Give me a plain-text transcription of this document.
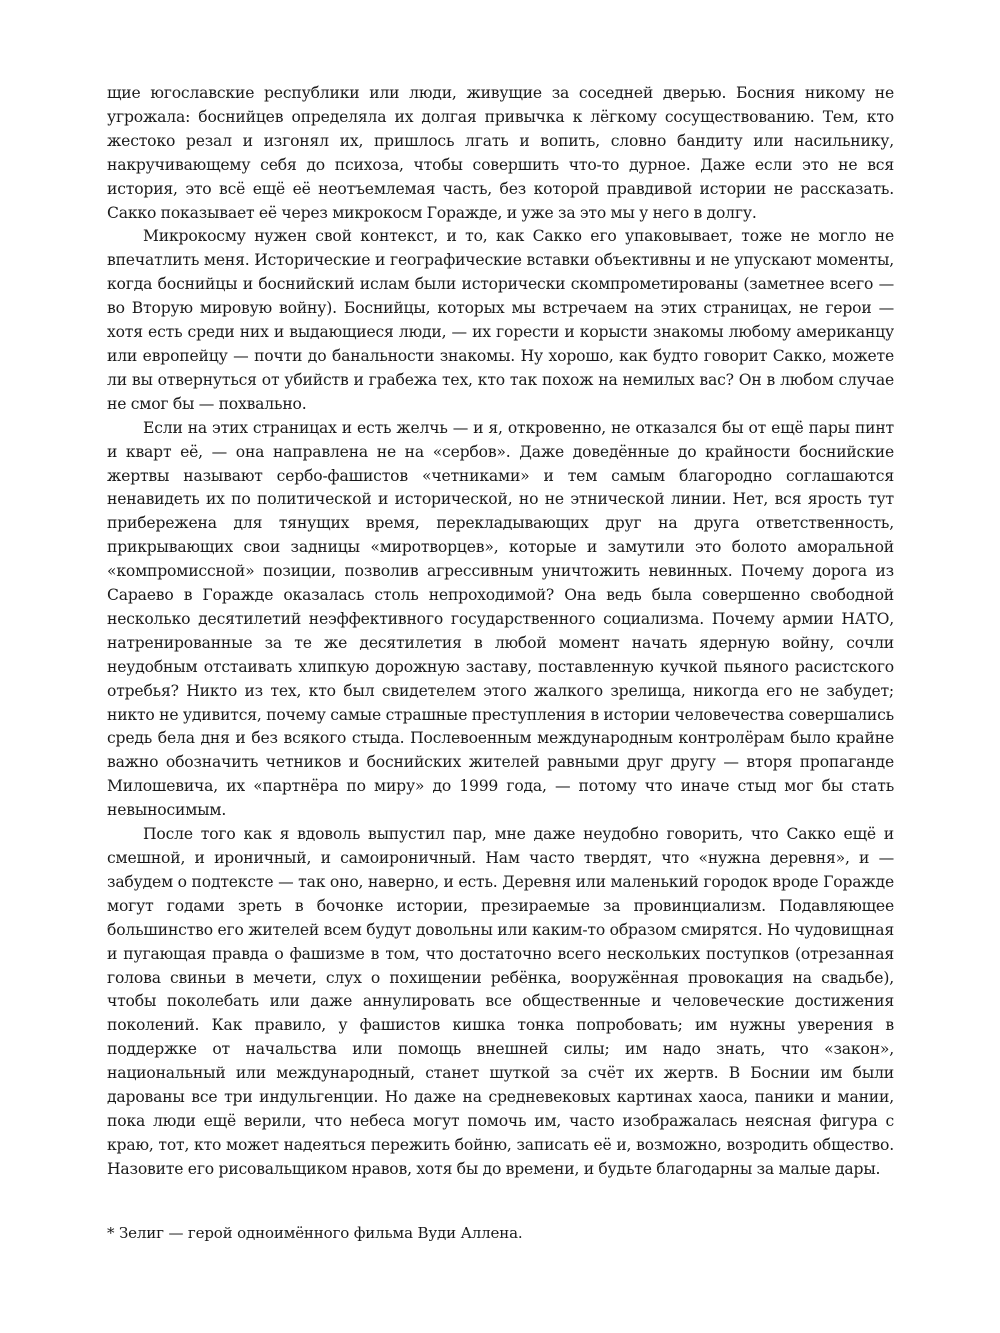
щие югославские республики или люди, живущие за соседней дверью. Босния никому не угрожала: боснийцев определяла их долгая привычка к лёгкому сосуществованию. Тем, кто жестоко резал и изгонял их, пришлось лгать и вопить, словно бандиту или насильнику, накручивающему себя до психоза, чтобы совершить что-то дурное. Даже если это не вся история, это всё ещё её неотъемлемая часть, без которой правдивой истории не рассказать. Сакко показывает её через микрокосм Горажде, и уже за это мы у него в долгу.

Микрокосму нужен свой контекст, и то, как Сакко его упаковывает, тоже не могло не впечатлить меня. Исторические и географические вставки объективны и не упускают моменты, когда боснийцы и боснийский ислам были исторически скомпрометированы (заметнее всего — во Вторую мировую войну). Боснийцы, которых мы встречаем на этих страницах, не герои — хотя есть среди них и выдающиеся люди, — их горести и корысти знакомы любому американцу или европейцу — почти до банальности знакомы. Ну хорошо, как будто говорит Сакко, можете ли вы отвернуться от убийств и грабежа тех, кто так похож на немилых вас? Он в любом случае не смог бы — похвально.

Если на этих страницах и есть желчь — и я, откровенно, не отказался бы от ещё пары пинт и кварт её, — она направлена не на «сербов». Даже доведённые до крайности боснийские жертвы называют сербо-фашистов «четниками» и тем самым благородно соглашаются ненавидеть их по политической и исторической, но не этнической линии. Нет, вся ярость тут прибережена для тянущих время, перекладывающих друг на друга ответственность, прикрывающих свои задницы «миротворцев», которые и замутили это болото аморальной «компромиссной» позиции, позволив агрессивным уничтожить невинных. Почему дорога из Сараево в Горажде оказалась столь непроходимой? Она ведь была совершенно свободной несколько десятилетий неэффективного государственного социализма. Почему армии НАТО, натренированные за те же десятилетия в любой момент начать ядерную войну, сочли неудобным отстаивать хлипкую дорожную заставу, поставленную кучкой пьяного расистского отребья? Никто из тех, кто был свидетелем этого жалкого зрелища, никогда его не забудет; никто не удивится, почему самые страшные преступления в истории человечества совершались средь бела дня и без всякого стыда. Послевоенным международным контролёрам было крайне важно обозначить четников и боснийских жителей равными друг другу — вторя пропаганде Милошевича, их «партнёра по миру» до 1999 года, — потому что иначе стыд мог бы стать невыносимым.

После того как я вдоволь выпустил пар, мне даже неудобно говорить, что Сакко ещё и смешной, и ироничный, и самоироничный. Нам часто твердят, что «нужна деревня», и — забудем о подтексте — так оно, наверно, и есть. Деревня или маленький городок вроде Горажде могут годами зреть в бочонке истории, презираемые за провинциализм. Подавляющее большинство его жителей всем будут довольны или каким-то образом смирятся. Но чудовищная и пугающая правда о фашизме в том, что достаточно всего нескольких поступков (отрезанная голова свиньи в мечети, слух о похищении ребёнка, вооружённая провокация на свадьбе), чтобы поколебать или даже аннулировать все общественные и человеческие достижения поколений. Как правило, у фашистов кишка тонка попробовать; им нужны уверения в поддержке от начальства или помощь внешней силы; им надо знать, что «закон», национальный или международный, станет шуткой за счёт их жертв. В Боснии им были дарованы все три индульгенции. Но даже на средневековых картинах хаоса, паники и мании, пока люди ещё верили, что небеса могут помочь им, часто изображалась неясная фигура с краю, тот, кто может надеяться пережить бойню, записать её и, возможно, возродить общество. Назовите его рисовальщиком нравов, хотя бы до времени, и будьте благодарны за малые дары.

* Зелиг — герой одноимённого фильма Вуди Аллена.
